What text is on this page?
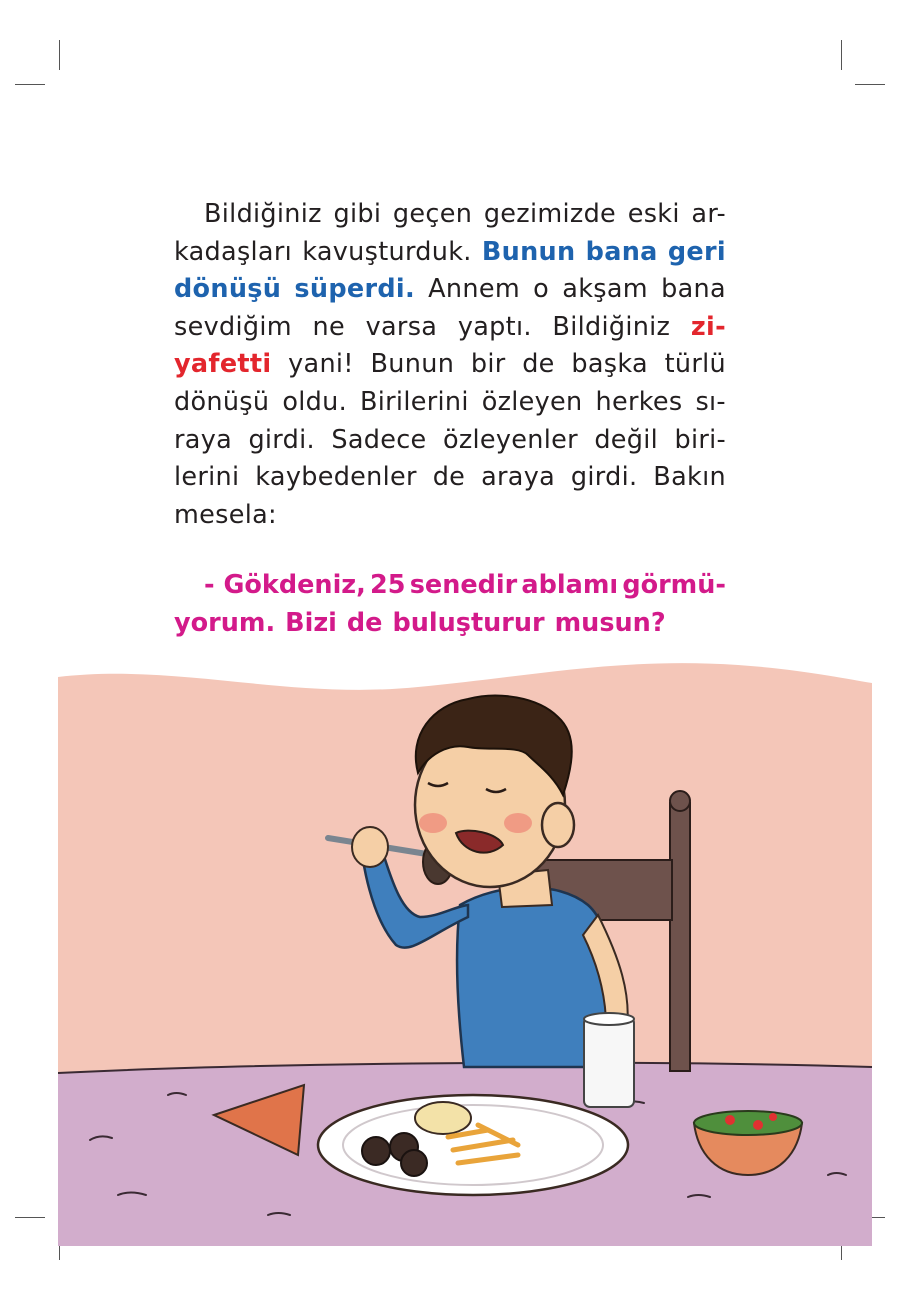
Bildiğiniz gibi geçen gezimizde eski ar-
kadaşları kavuşturduk. Bunun bana geri
dönüşü süperdi. Annem o akşam bana
sevdiğim ne varsa yaptı. Bildiğiniz zi-
yafetti yani! Bunun bir de başka türlü
dönüşü oldu. Birilerini özleyen herkes sı-
raya girdi. Sadece özleyenler değil biri-
lerini kaybedenler de araya girdi. Bakın
mesela:
- Gökdeniz, 25 senedir ablamı görmü-
yorum. Bizi de buluşturur musun?
